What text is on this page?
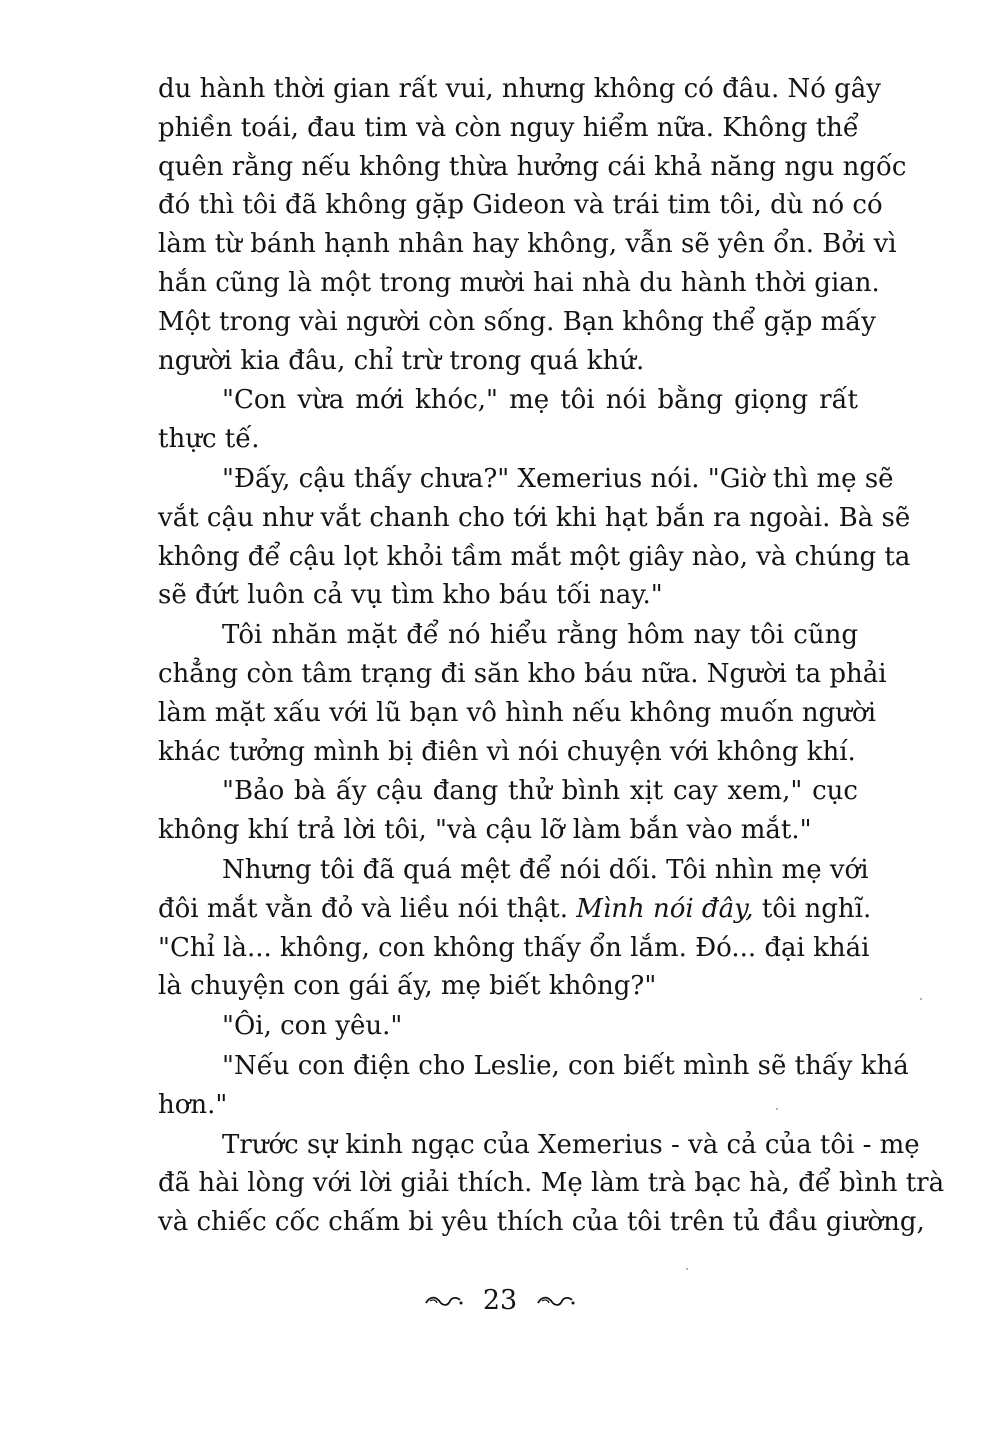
du hành thời gian rất vui, nhưng không có đâu. Nó gây
phiền toái, đau tim và còn nguy hiểm nữa. Không thể
quên rằng nếu không thừa hưởng cái khả năng ngu ngốc
đó thì tôi đã không gặp Gideon và trái tim tôi, dù nó có
làm từ bánh hạnh nhân hay không, vẫn sẽ yên ổn. Bởi vì
hắn cũng là một trong mười hai nhà du hành thời gian.
Một trong vài người còn sống. Bạn không thể gặp mấy
người kia đâu, chỉ trừ trong quá khứ.
"Con vừa mới khóc," mẹ tôi nói bằng giọng rất
thực tế.
"Đấy, cậu thấy chưa?" Xemerius nói. "Giờ thì mẹ sẽ
vắt cậu như vắt chanh cho tới khi hạt bắn ra ngoài. Bà sẽ
không để cậu lọt khỏi tầm mắt một giây nào, và chúng ta
sẽ đứt luôn cả vụ tìm kho báu tối nay."
Tôi nhăn mặt để nó hiểu rằng hôm nay tôi cũng
chẳng còn tâm trạng đi săn kho báu nữa. Người ta phải
làm mặt xấu với lũ bạn vô hình nếu không muốn người
khác tưởng mình bị điên vì nói chuyện với không khí.
"Bảo bà ấy cậu đang thử bình xịt cay xem," cục
không khí trả lời tôi, "và cậu lỡ làm bắn vào mắt."
Nhưng tôi đã quá mệt để nói dối. Tôi nhìn mẹ với
đôi mắt vằn đỏ và liều nói thật. Mình nói đây, tôi nghĩ.
"Chỉ là... không, con không thấy ổn lắm. Đó... đại khái
là chuyện con gái ấy, mẹ biết không?"
"Ôi, con yêu."
"Nếu con điện cho Leslie, con biết mình sẽ thấy khá
hơn."
Trước sự kinh ngạc của Xemerius - và cả của tôi - mẹ
đã hài lòng với lời giải thích. Mẹ làm trà bạc hà, để bình trà
và chiếc cốc chấm bi yêu thích của tôi trên tủ đầu giường,
23
